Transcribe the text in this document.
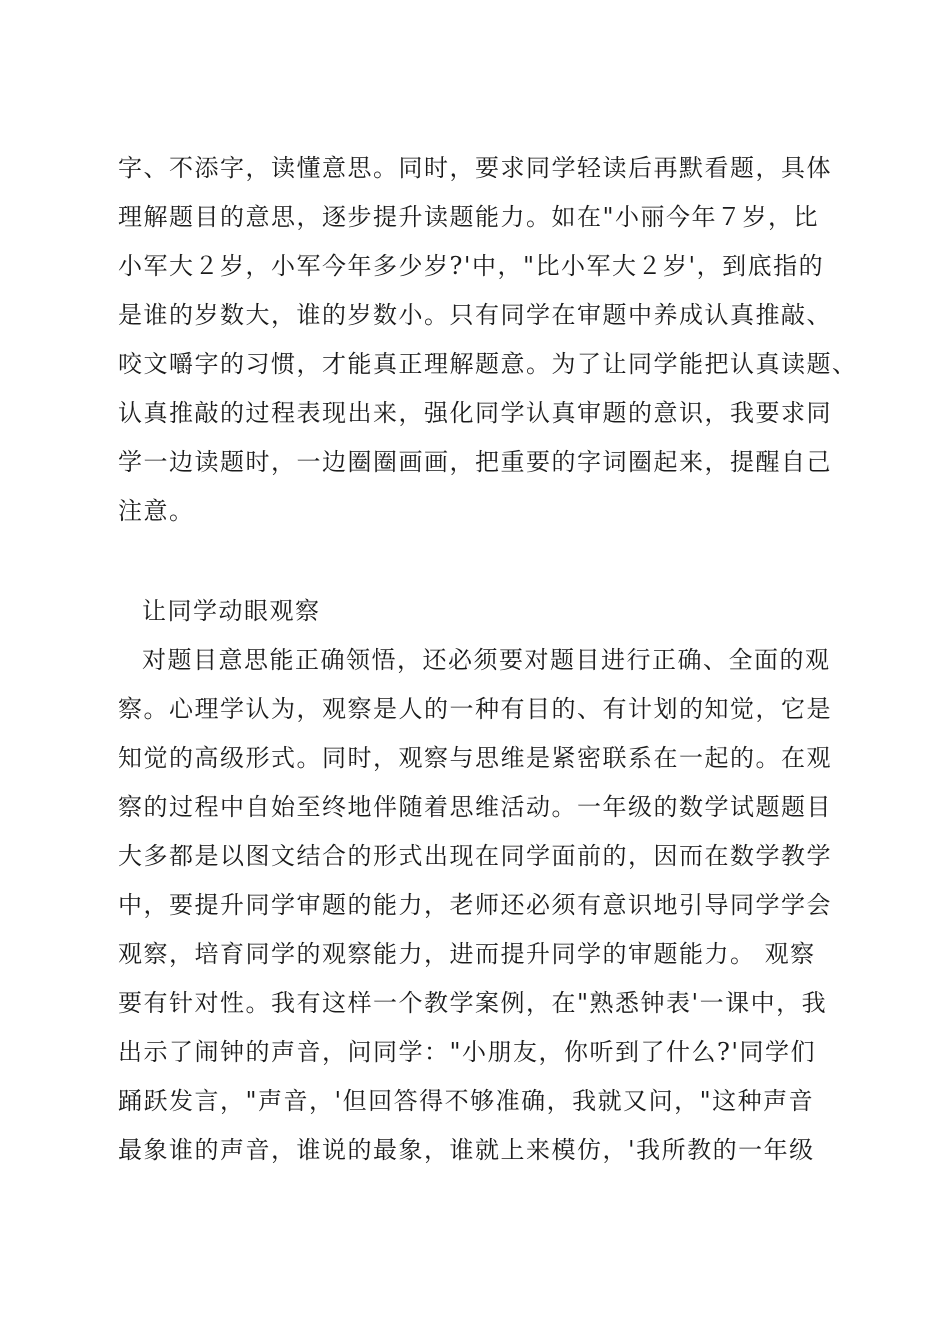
字、不添字，读懂意思。同时，要求同学轻读后再默看题，具体

理解题目的意思，逐步提升读题能力。如在"小丽今年７岁，比

小军大２岁，小军今年多少岁?'中，"比小军大２岁'，到底指的

是谁的岁数大，谁的岁数小。只有同学在审题中养成认真推敲、

咬文嚼字的习惯，才能真正理解题意。为了让同学能把认真读题、

认真推敲的过程表现出来，强化同学认真审题的意识，我要求同

学一边读题时，一边圈圈画画，把重要的字词圈起来，提醒自己

注意。

让同学动眼观察

对题目意思能正确领悟，还必须要对题目进行正确、全面的观

察。心理学认为，观察是人的一种有目的、有计划的知觉，它是

知觉的高级形式。同时，观察与思维是紧密联系在一起的。在观

察的过程中自始至终地伴随着思维活动。一年级的数学试题题目

大多都是以图文结合的形式出现在同学面前的，因而在数学教学

中，要提升同学审题的能力，老师还必须有意识地引导同学学会

观察，培育同学的观察能力，进而提升同学的审题能力。 观察

要有针对性。我有这样一个教学案例，在"熟悉钟表'一课中，我

出示了闹钟的声音，问同学："小朋友，你听到了什么?'同学们

踊跃发言，"声音，'但回答得不够准确，我就又问，"这种声音

最象谁的声音，谁说的最象，谁就上来模仿，'我所教的一年级
